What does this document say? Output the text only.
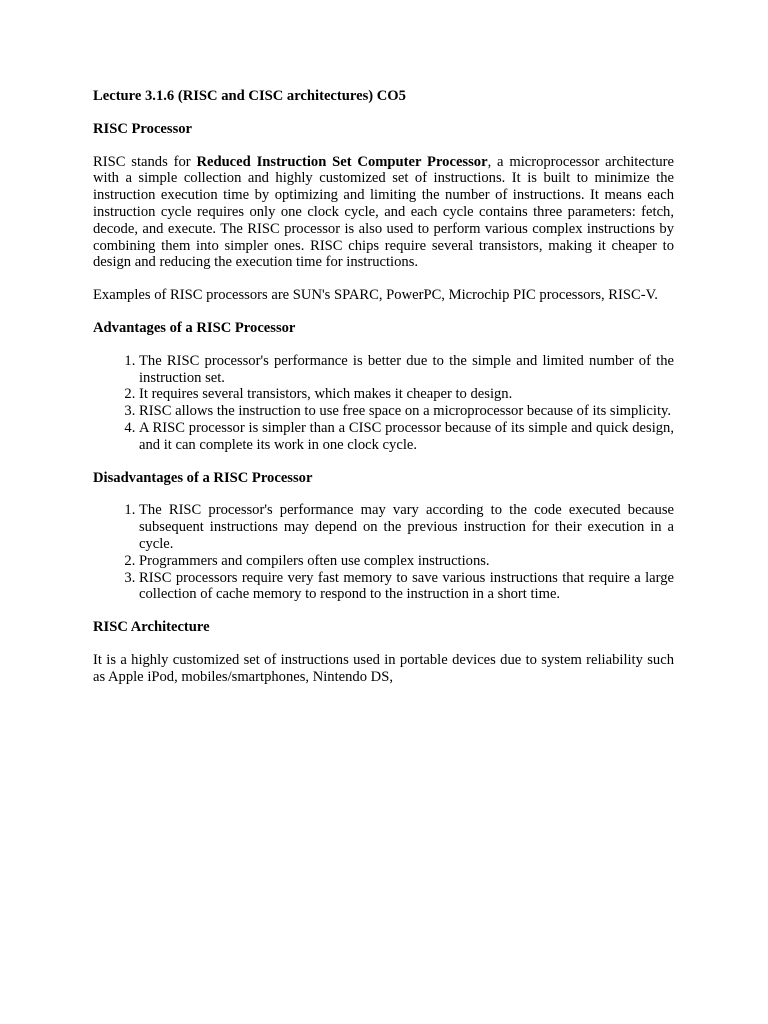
Lecture 3.1.6 (RISC and CISC architectures) CO5

RISC Processor

RISC stands for Reduced Instruction Set Computer Processor, a microprocessor architecture with a simple collection and highly customized set of instructions. It is built to minimize the instruction execution time by optimizing and limiting the number of instructions. It means each instruction cycle requires only one clock cycle, and each cycle contains three parameters: fetch, decode, and execute. The RISC processor is also used to perform various complex instructions by combining them into simpler ones. RISC chips require several transistors, making it cheaper to design and reducing the execution time for instructions.

Examples of RISC processors are SUN's SPARC, PowerPC, Microchip PIC processors, RISC-V.

Advantages of a RISC Processor

1. The RISC processor's performance is better due to the simple and limited number of the instruction set.
2. It requires several transistors, which makes it cheaper to design.
3. RISC allows the instruction to use free space on a microprocessor because of its simplicity.
4. A RISC processor is simpler than a CISC processor because of its simple and quick design, and it can complete its work in one clock cycle.

Disadvantages of a RISC Processor

1. The RISC processor's performance may vary according to the code executed because subsequent instructions may depend on the previous instruction for their execution in a cycle.
2. Programmers and compilers often use complex instructions.
3. RISC processors require very fast memory to save various instructions that require a large collection of cache memory to respond to the instruction in a short time.

RISC Architecture

It is a highly customized set of instructions used in portable devices due to system reliability such as Apple iPod, mobiles/smartphones, Nintendo DS,
